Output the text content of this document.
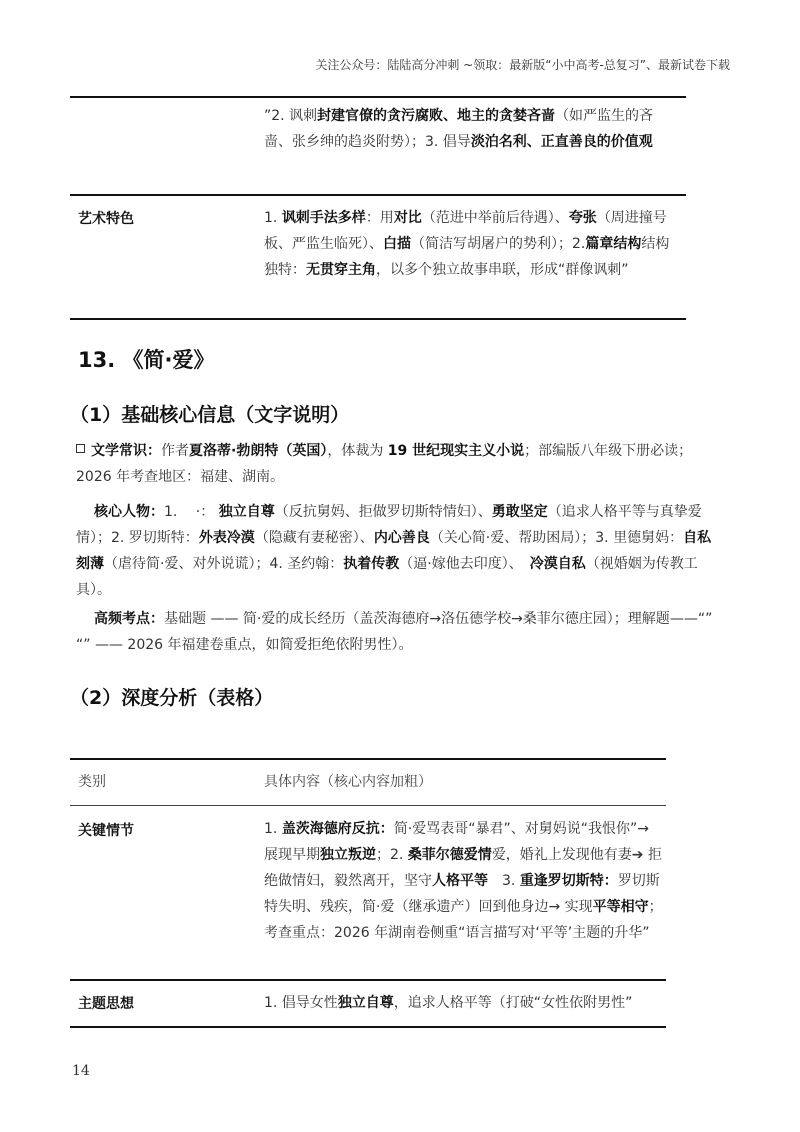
关注公众号：陆陆高分冲刺 ~领取：最新版“小中高考-总复习”、最新试卷下载
”2. 讽刺封建官僚的贪污腐败、地主的贪婪吝啬（如严监生的吝啬、张乡绅的趋炎附势）；3. 倡导淡泊名利、正直善良的价值观
艺术特色	1. 讽刺手法多样：用对比（范进中举前后待遇）、夸张（周进撞号板、严监生临死）、白描（简洁写胡屠户的势利）；2.篇章结构结构独特：无贯穿主角，以多个独立故事串联，形成“群像讽刺”
13. 《简·爱》
（1）基础核心信息（文字说明）
文学常识：作者夏洛蒂·勃朗特（英国），体裁为 19 世纪现实主义小说；部编版八年级下册必读；2026 年考查地区：福建、湖南。
核心人物：1.　 ·： 独立自尊（反抗舅妈、拒做罗切斯特情妇）、勇敢坚定（追求人格平等与真挚爱情）；2. 罗切斯特：外表冷漠（隐藏有妻秘密）、内心善良（关心简·爱、帮助困局）；3. 里德舅妈：自私刻薄（虐待简·爱、对外说谎）；4. 圣约翰：执着传教（逼·嫁他去印度）、　冷漠自私（视婚姻为传教工具）。
高频考点：基础题 —— 简·爱的成长经历（盖茨海德府→洛伍德学校→桑菲尔德庄园）；理解题——“” “” —— 2026 年福建卷重点，如简爱拒绝依附男性）。
（2）深度分析（表格）
类别	具体内容（核心内容加粗）
关键情节	1. 盖茨海德府反抗：简·爱骂表哥“暴君”、对舅妈说“我恨你”→ 展现早期独立叛逆；2. 桑菲尔德爱情爱，婚礼上发现他有妻➔ 拒绝做情妇，毅然离开，坚守人格平等　3. 重逢罗切斯特：罗切斯特失明、残疾，简·爱（继承遗产）回到他身边→ 实现平等相守；考查重点：2026 年湖南卷侧重“语言描写对‘平等’主题的升华”
主题思想	1. 倡导女性独立自尊，追求人格平等（打破“女性依附男性”
14
